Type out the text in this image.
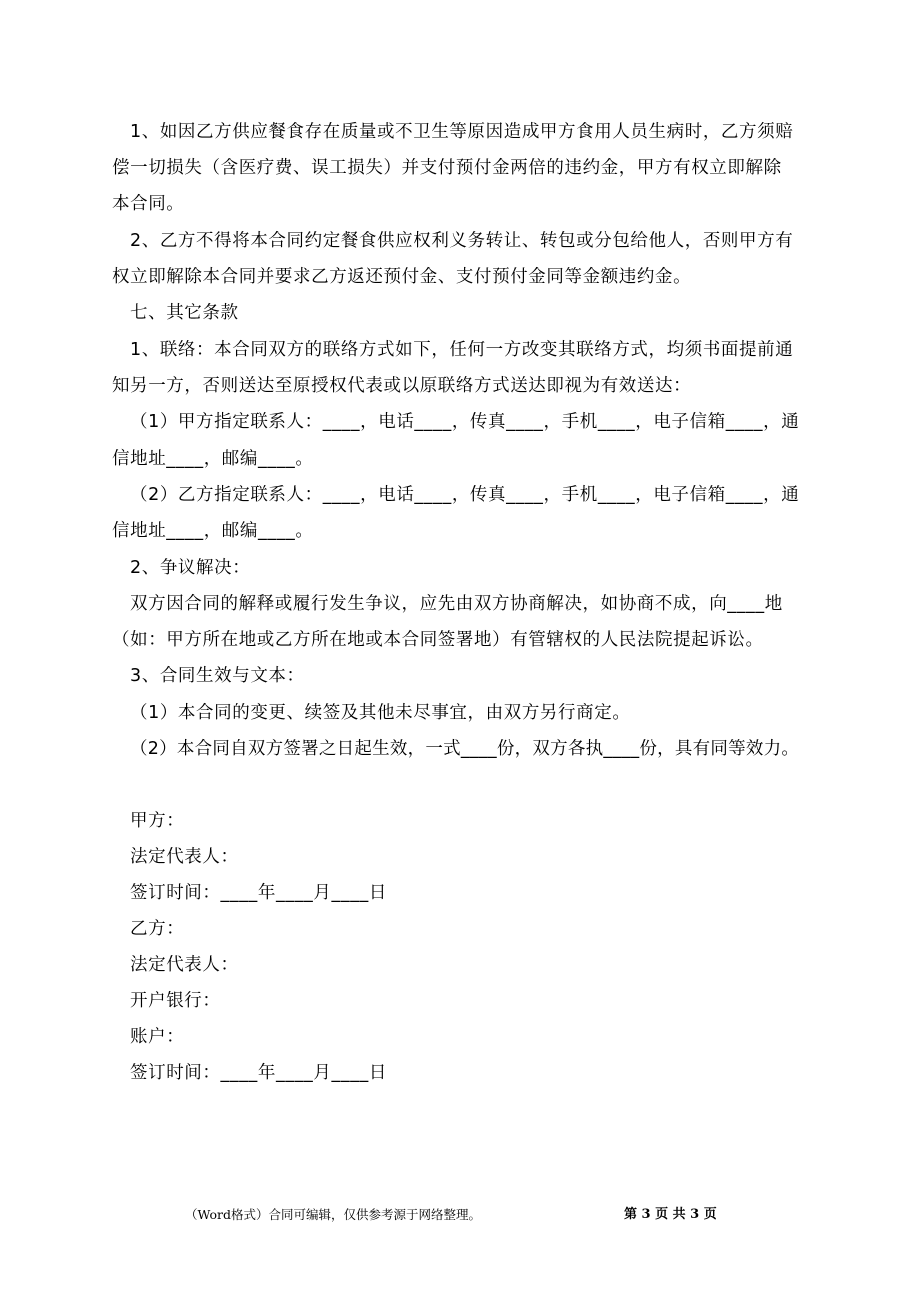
1、如因乙方供应餐食存在质量或不卫生等原因造成甲方食用人员生病时，乙方须赔
偿一切损失（含医疗费、误工损失）并支付预付金两倍的违约金，甲方有权立即解除
本合同。
2、乙方不得将本合同约定餐食供应权利义务转让、转包或分包给他人，否则甲方有
权立即解除本合同并要求乙方返还预付金、支付预付金同等金额违约金。
七、其它条款
1、联络：本合同双方的联络方式如下，任何一方改变其联络方式，均须书面提前通
知另一方，否则送达至原授权代表或以原联络方式送达即视为有效送达：
（1）甲方指定联系人：____，电话____，传真____，手机____，电子信箱____，通
信地址____，邮编____。
（2）乙方指定联系人：____，电话____，传真____，手机____，电子信箱____，通
信地址____，邮编____。
2、争议解决：
双方因合同的解释或履行发生争议，应先由双方协商解决，如协商不成，向____地
（如：甲方所在地或乙方所在地或本合同签署地）有管辖权的人民法院提起诉讼。
3、合同生效与文本：
（1）本合同的变更、续签及其他未尽事宜，由双方另行商定。
（2）本合同自双方签署之日起生效，一式____份，双方各执____份，具有同等效力。
甲方：
法定代表人：
签订时间：____年____月____日
乙方：
法定代表人：
开户银行：
账户：
签订时间：____年____月____日
（Word格式）合同可编辑，仅供参考源于网络整理。	第 3 页 共 3 页
